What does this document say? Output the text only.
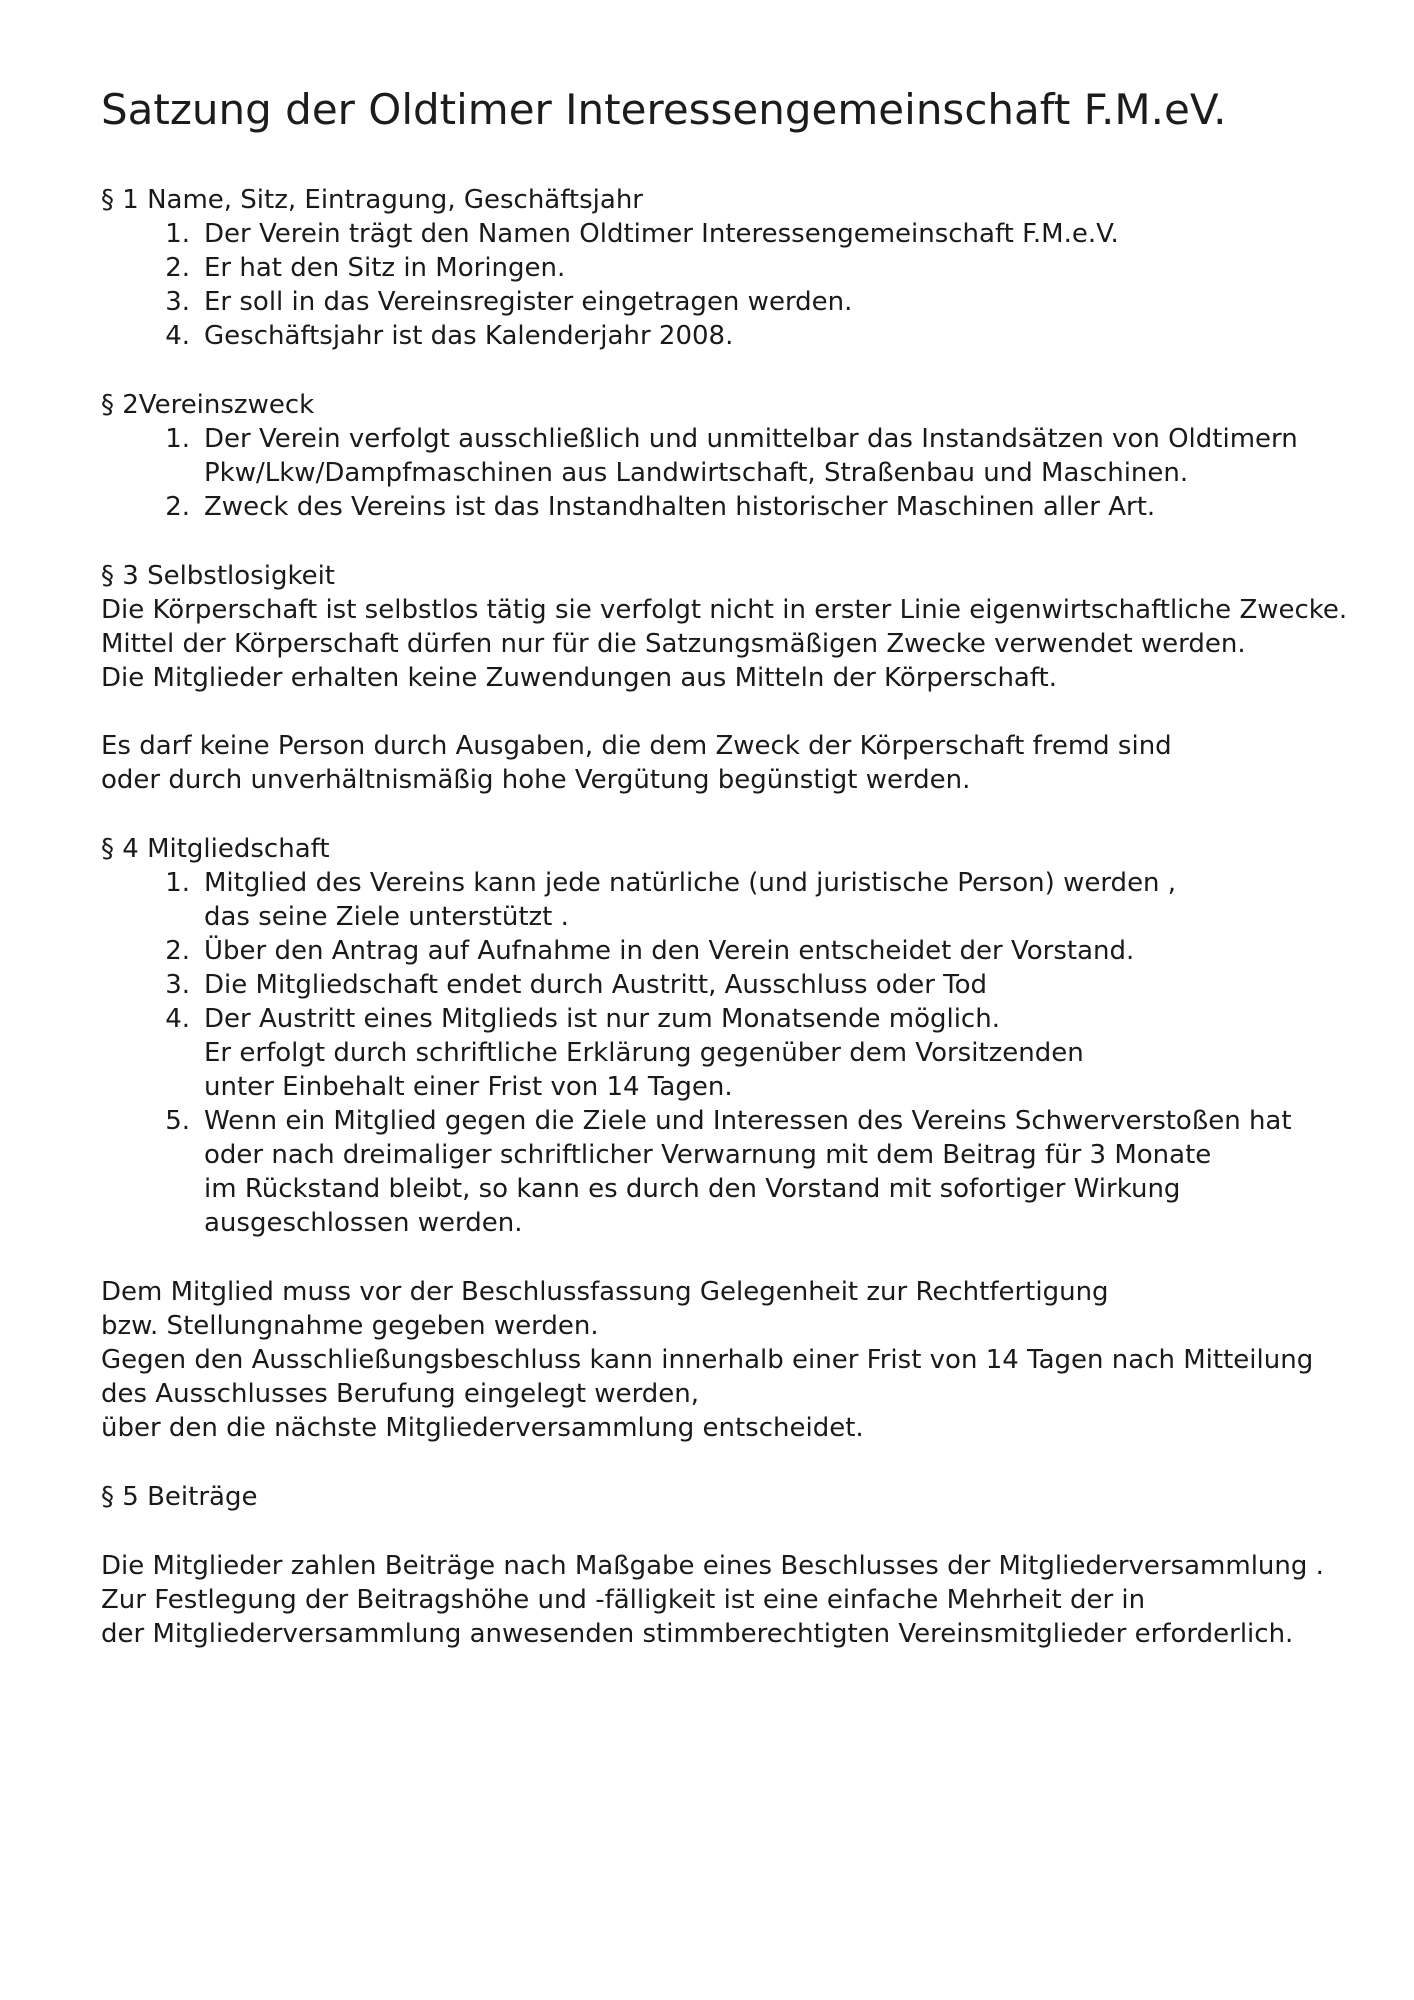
Satzung der Oldtimer Interessengemeinschaft F.M.eV.
§ 1 Name, Sitz, Eintragung, Geschäftsjahr
1. Der Verein trägt den Namen Oldtimer Interessengemeinschaft F.M.e.V.
2. Er hat den Sitz in Moringen.
3. Er soll in das Vereinsregister eingetragen werden.
4. Geschäftsjahr ist das Kalenderjahr 2008.
§ 2Vereinszweck
1. Der Verein verfolgt ausschließlich und unmittelbar das Instandsätzen von Oldtimern
Pkw/Lkw/Dampfmaschinen aus Landwirtschaft, Straßenbau und Maschinen.
2. Zweck des Vereins ist das Instandhalten historischer Maschinen aller Art.
§ 3 Selbstlosigkeit
Die Körperschaft ist selbstlos tätig sie verfolgt nicht in erster Linie eigenwirtschaftliche Zwecke.
Mittel der Körperschaft dürfen nur für die Satzungsmäßigen Zwecke verwendet werden.
Die Mitglieder erhalten keine Zuwendungen aus Mitteln der Körperschaft.
Es darf keine Person durch Ausgaben, die dem Zweck der Körperschaft fremd sind
oder durch unverhältnismäßig hohe Vergütung begünstigt werden.
§ 4 Mitgliedschaft
1. Mitglied des Vereins kann jede natürliche (und juristische Person) werden ,
das seine Ziele unterstützt .
2. Über den Antrag auf Aufnahme in den Verein entscheidet der Vorstand.
3. Die Mitgliedschaft endet durch Austritt, Ausschluss oder Tod
4. Der Austritt eines Mitglieds ist nur zum Monatsende möglich.
Er erfolgt durch schriftliche Erklärung gegenüber dem Vorsitzenden
unter Einbehalt einer Frist von 14 Tagen.
5. Wenn ein Mitglied gegen die Ziele und Interessen des Vereins Schwerverstoßen hat
oder nach dreimaliger schriftlicher Verwarnung mit dem Beitrag für 3 Monate
im Rückstand bleibt, so kann es durch den Vorstand mit sofortiger Wirkung
ausgeschlossen werden.
Dem Mitglied muss vor der Beschlussfassung Gelegenheit zur Rechtfertigung
bzw. Stellungnahme gegeben werden.
Gegen den Ausschließungsbeschluss kann innerhalb einer Frist von 14 Tagen nach Mitteilung
des Ausschlusses Berufung eingelegt werden,
über den die nächste Mitgliederversammlung entscheidet.
§ 5 Beiträge
Die Mitglieder zahlen Beiträge nach Maßgabe eines Beschlusses der Mitgliederversammlung .
Zur Festlegung der Beitragshöhe und -fälligkeit ist eine einfache Mehrheit der in
der Mitgliederversammlung anwesenden stimmberechtigten Vereinsmitglieder erforderlich.
